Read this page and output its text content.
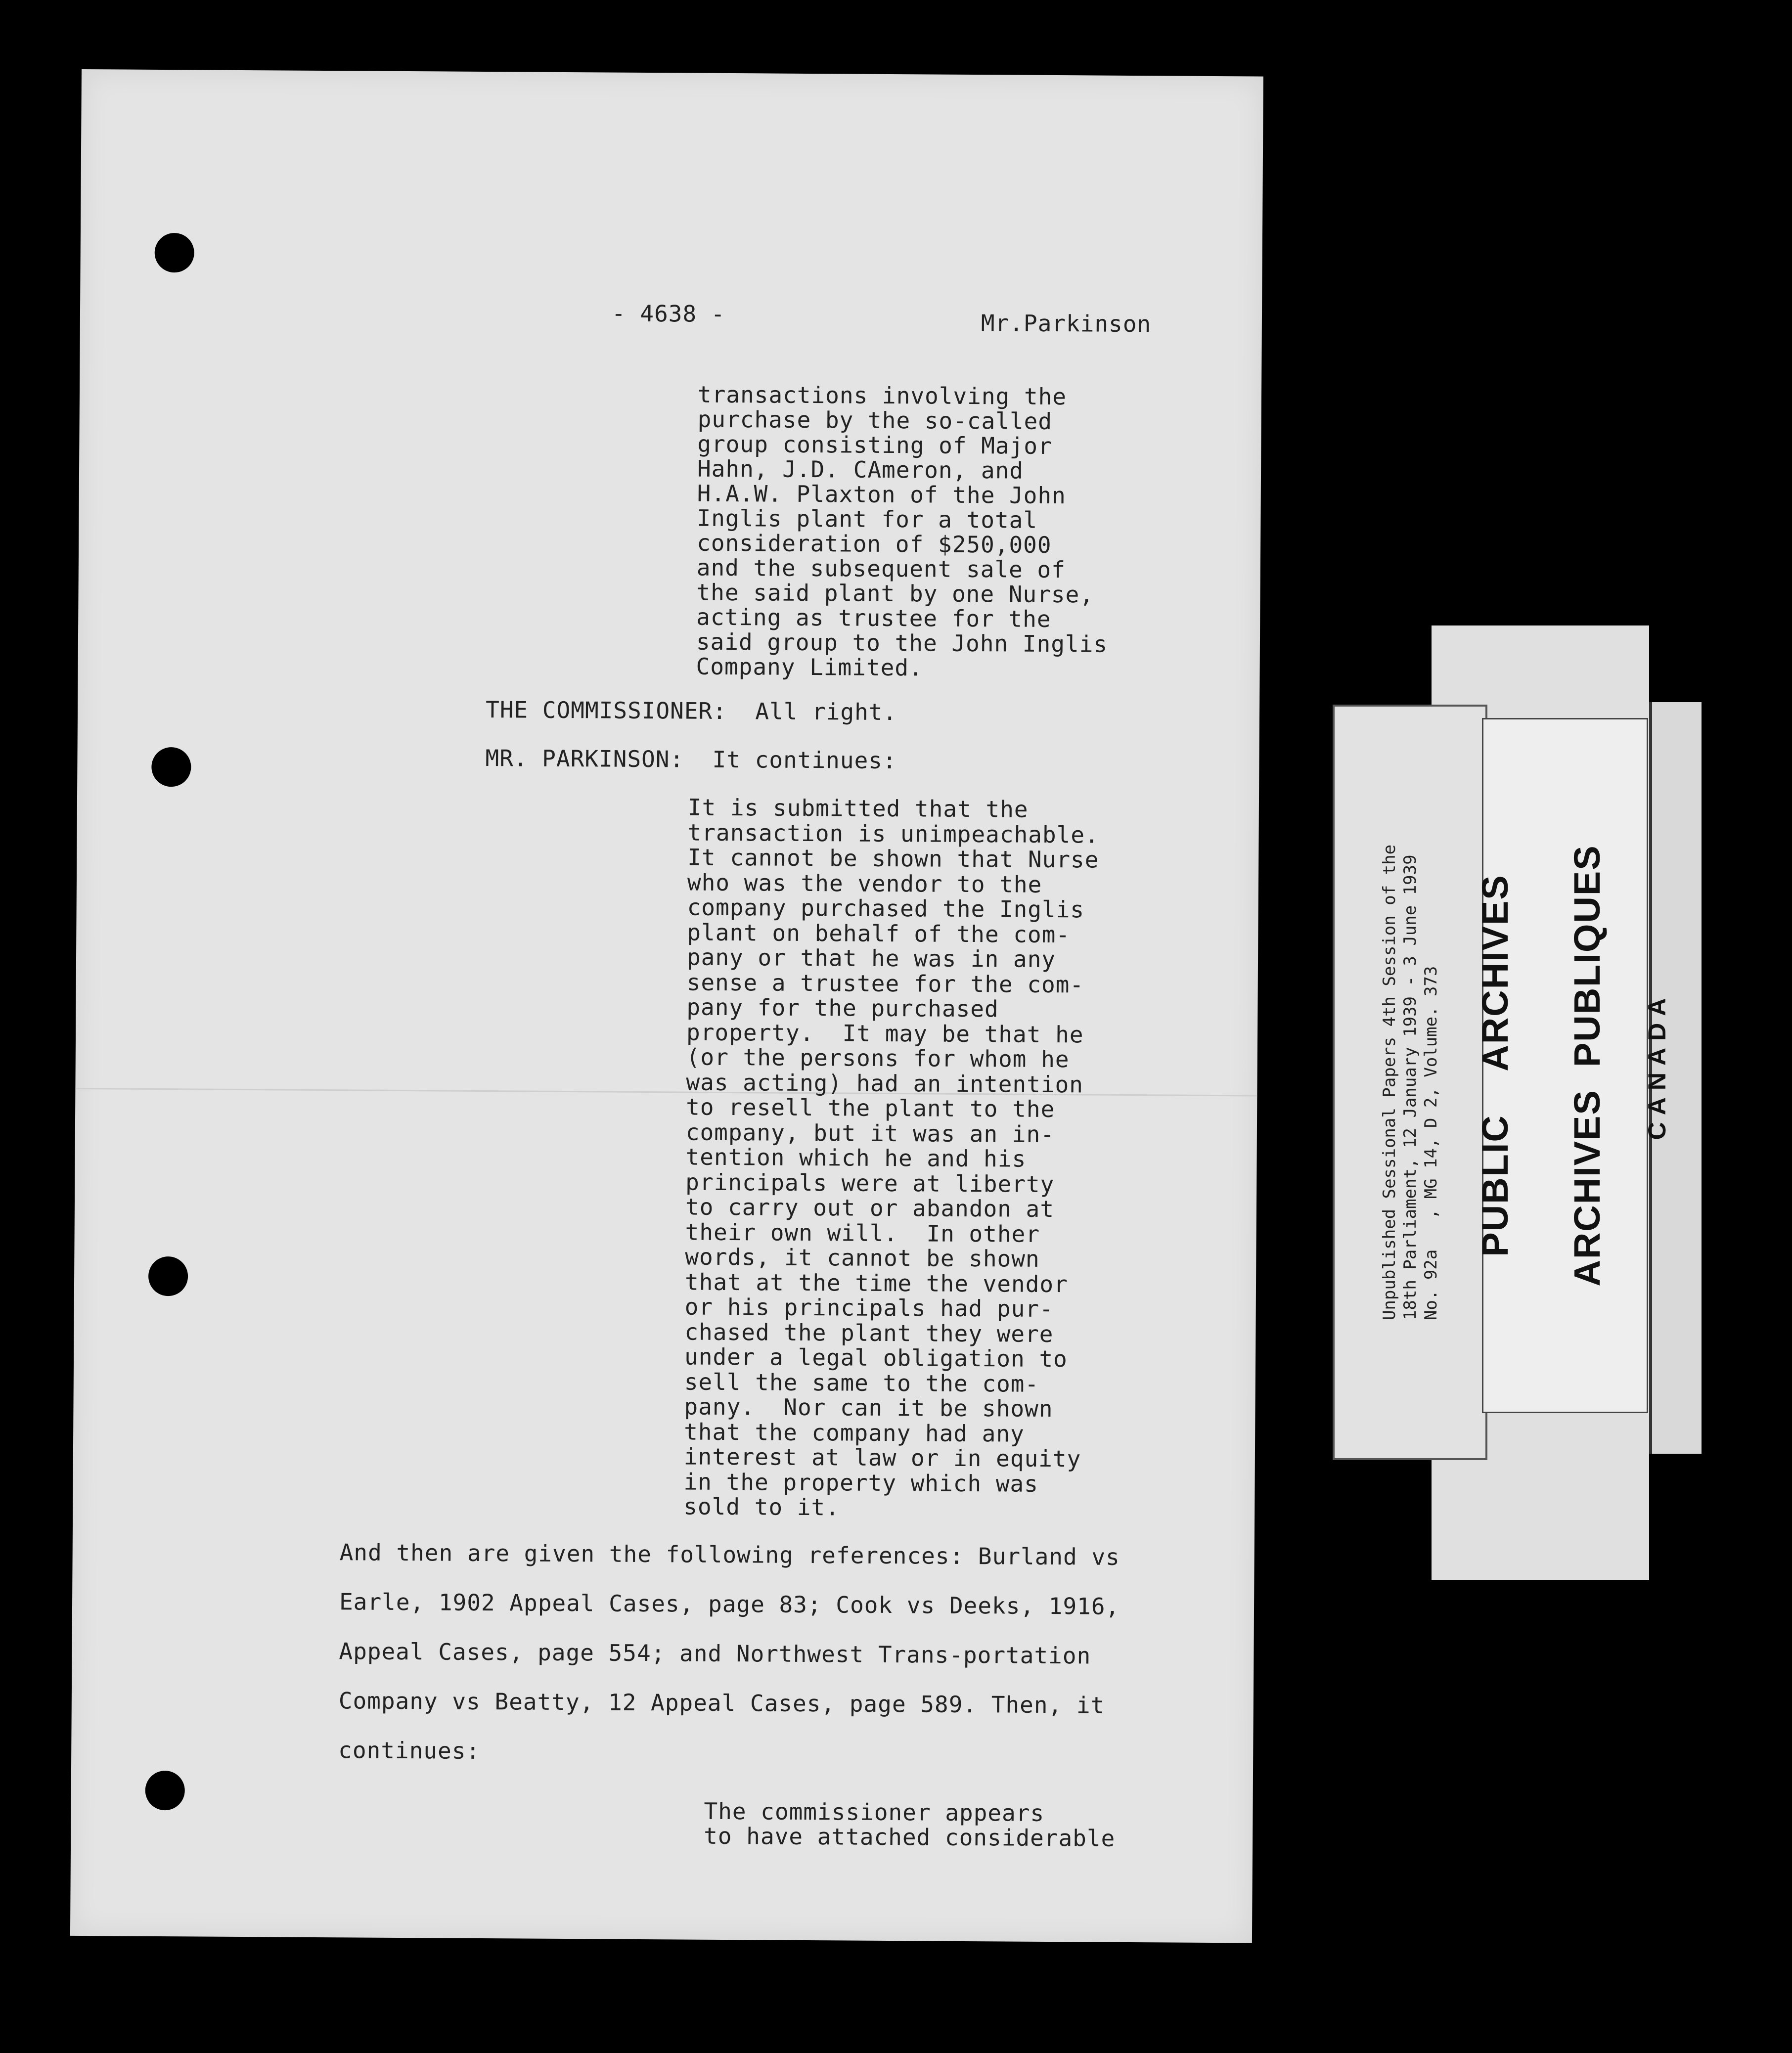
- 4638 -	Mr.Parkinson
transactions involving the
purchase by the so-called
group consisting of Major
Hahn, J.D. CAmeron, and
H.A.W. Plaxton of the John
Inglis plant for a total
consideration of $250,000
and the subsequent sale of
the said plant by one Nurse,
acting as trustee for the
said group to the John Inglis
Company Limited.
THE COMMISSIONER:  All right.
MR. PARKINSON:  It continues:
It is submitted that the
transaction is unimpeachable.
It cannot be shown that Nurse
who was the vendor to the
company purchased the Inglis
plant on behalf of the com-
pany or that he was in any
sense a trustee for the com-
pany for the purchased
property.  It may be that he
(or the persons for whom he
was acting) had an intention
to resell the plant to the
company, but it was an in-
tention which he and his
principals were at liberty
to carry out or abandon at
their own will.  In other
words, it cannot be shown
that at the time the vendor
or his principals had pur-
chased the plant they were
under a legal obligation to
sell the same to the com-
pany.  Nor can it be shown
that the company had any
interest at law or in equity
in the property which was
sold to it.
And then are given the following references: Burland vs Earle, 1902 Appeal Cases, page 83; Cook vs Deeks, 1916, Appeal Cases, page 554; and Northwest Trans-portation Company vs Beatty, 12 Appeal Cases, page 589. Then, it continues:
The commissioner appears
to have attached considerable
Unpublished Sessional Papers 4th Session of the
18th Parliament, 12 January 1939 - 3 June 1939
No. 92a   , MG 14, D 2, Volume. 373

PUBLIC    ARCHIVES

	ARCHIVES  PUBLIQUES

	CANADA
